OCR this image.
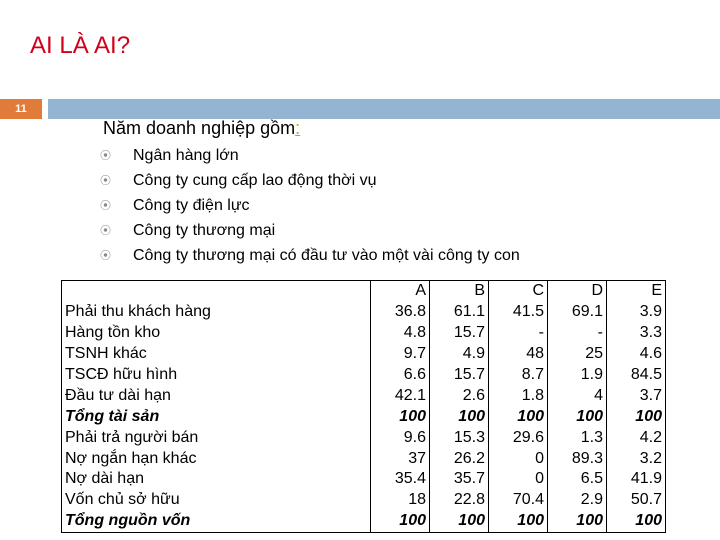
AI LÀ AI?
11
Năm doanh nghiệp gồm:
⦿	Ngân hàng lớn
⦿	Công ty cung cấp lao động thời vụ
⦿	Công ty điện lực
⦿	Công ty thương mại
⦿	Công ty thương mại có đầu tư vào một vài công ty con
	A	B	C	D	E
Phải thu khách hàng	36.8	61.1	41.5	69.1	3.9
Hàng tồn kho	4.8	15.7	-	-	3.3
TSNH khác	9.7	4.9	48	25	4.6
TSCĐ hữu hình	6.6	15.7	8.7	1.9	84.5
Đầu tư dài hạn	42.1	2.6	1.8	4	3.7
Tổng tài sản	100	100	100	100	100
Phải trả người bán	9.6	15.3	29.6	1.3	4.2
Nợ ngắn hạn khác	37	26.2	0	89.3	3.2
Nợ dài hạn	35.4	35.7	0	6.5	41.9
Vốn chủ sở hữu	18	22.8	70.4	2.9	50.7
Tổng nguồn vốn	100	100	100	100	100
